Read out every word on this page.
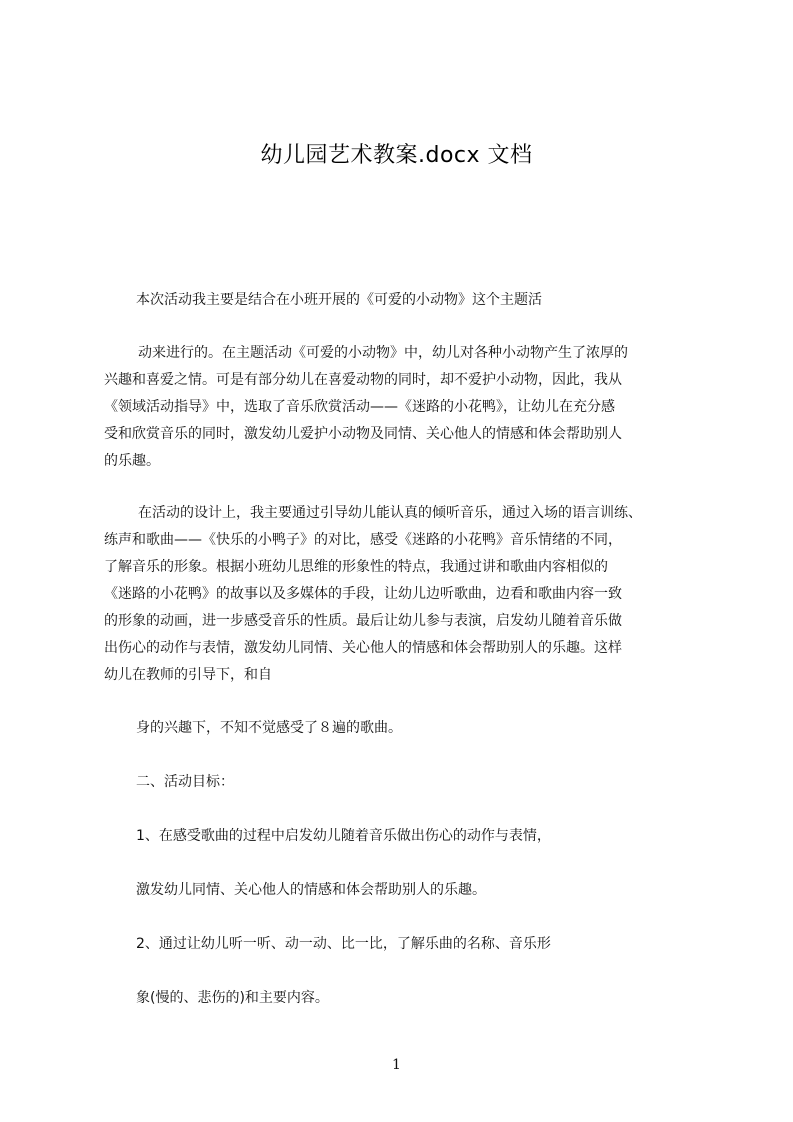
幼儿园艺术教案.docx 文档
本次活动我主要是结合在小班开展的《可爱的小动物》这个主题活
动来进行的。在主题活动《可爱的小动物》中，幼儿对各种小动物产生了浓厚的
兴趣和喜爱之情。可是有部分幼儿在喜爱动物的同时，却不爱护小动物，因此，我从
《领域活动指导》中，选取了音乐欣赏活动——《迷路的小花鸭》，让幼儿在充分感
受和欣赏音乐的同时，激发幼儿爱护小动物及同情、关心他人的情感和体会帮助别人
的乐趣。
在活动的设计上，我主要通过引导幼儿能认真的倾听音乐，通过入场的语言训练、
练声和歌曲——《快乐的小鸭子》的对比，感受《迷路的小花鸭》音乐情绪的不同，
了解音乐的形象。根据小班幼儿思维的形象性的特点，我通过讲和歌曲内容相似的
《迷路的小花鸭》的故事以及多媒体的手段，让幼儿边听歌曲，边看和歌曲内容一致
的形象的动画，进一步感受音乐的性质。最后让幼儿参与表演，启发幼儿随着音乐做
出伤心的动作与表情，激发幼儿同情、关心他人的情感和体会帮助别人的乐趣。这样
幼儿在教师的引导下，和自
身的兴趣下，不知不觉感受了８遍的歌曲。
二、活动目标：
1、在感受歌曲的过程中启发幼儿随着音乐做出伤心的动作与表情，
激发幼儿同情、关心他人的情感和体会帮助别人的乐趣。
2、通过让幼儿听一听、动一动、比一比，了解乐曲的名称、音乐形
象(慢的、悲伤的)和主要内容。
1
